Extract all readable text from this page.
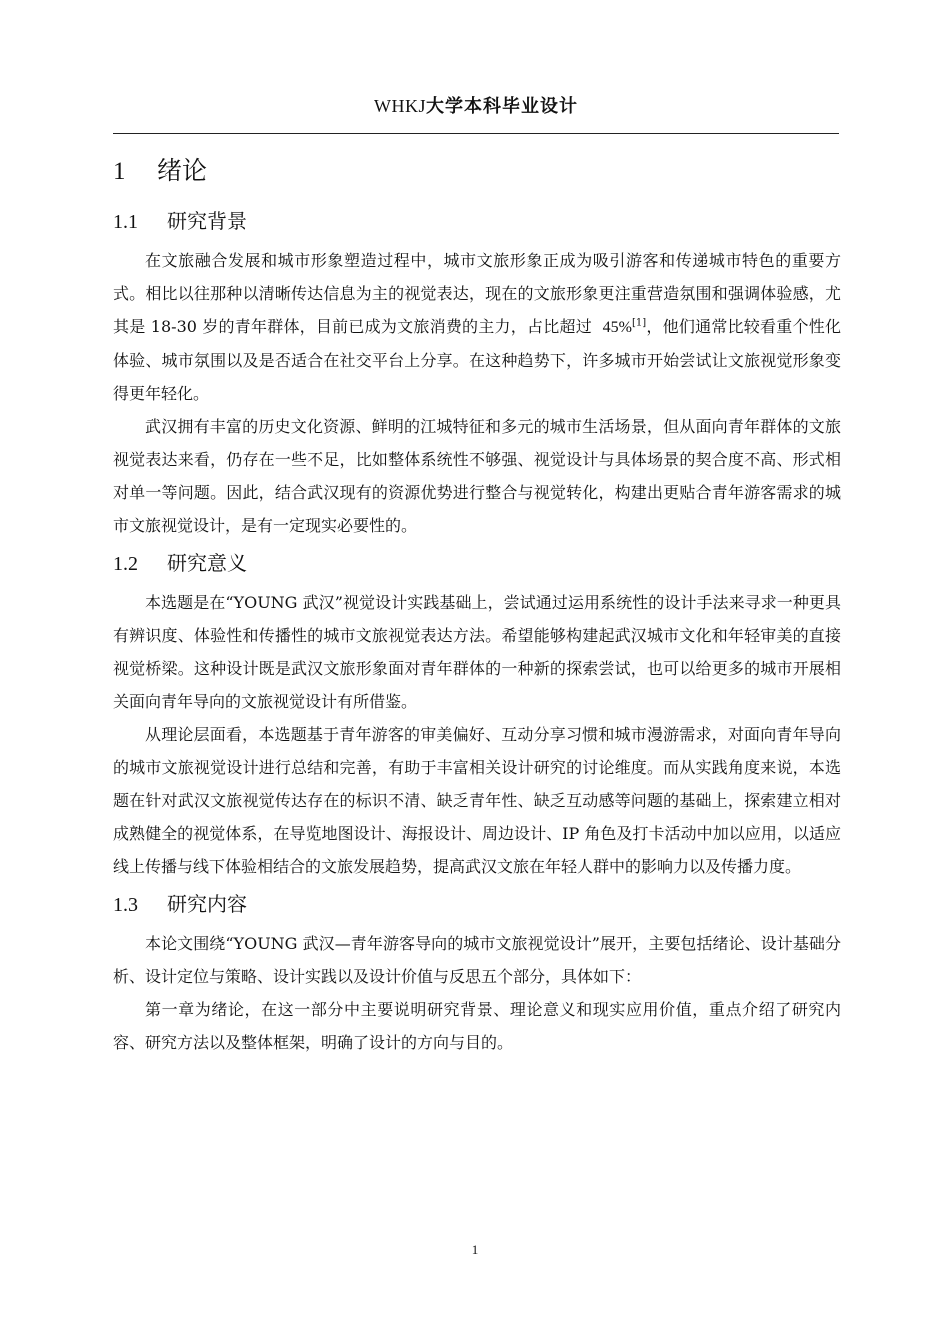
WHKJ大学本科毕业设计
1 绪论
1.1 研究背景

在文旅融合发展和城市形象塑造过程中，城市文旅形象正成为吸引游客和传递城市特色的重要方式。相比以往那种以清晰传达信息为主的视觉表达，现在的文旅形象更注重营造氛围和强调体验感，尤其是 18-30 岁的青年群体，目前已成为文旅消费的主力，占比超过 45%[1]，他们通常比较看重个性化体验、城市氛围以及是否适合在社交平台上分享。在这种趋势下，许多城市开始尝试让文旅视觉形象变得更年轻化。

武汉拥有丰富的历史文化资源、鲜明的江城特征和多元的城市生活场景，但从面向青年群体的文旅视觉表达来看，仍存在一些不足，比如整体系统性不够强、视觉设计与具体场景的契合度不高、形式相对单一等问题。因此，结合武汉现有的资源优势进行整合与视觉转化，构建出更贴合青年游客需求的城市文旅视觉设计，是有一定现实必要性的。

1.2 研究意义

本选题是在“YOUNG 武汉”视觉设计实践基础上，尝试通过运用系统性的设计手法来寻求一种更具有辨识度、体验性和传播性的城市文旅视觉表达方法。希望能够构建起武汉城市文化和年轻审美的直接视觉桥梁。这种设计既是武汉文旅形象面对青年群体的一种新的探索尝试，也可以给更多的城市开展相关面向青年导向的文旅视觉设计有所借鉴。

从理论层面看，本选题基于青年游客的审美偏好、互动分享习惯和城市漫游需求，对面向青年导向的城市文旅视觉设计进行总结和完善，有助于丰富相关设计研究的讨论维度。而从实践角度来说，本选题在针对武汉文旅视觉传达存在的标识不清、缺乏青年性、缺乏互动感等问题的基础上，探索建立相对成熟健全的视觉体系，在导览地图设计、海报设计、周边设计、IP 角色及打卡活动中加以应用，以适应线上传播与线下体验相结合的文旅发展趋势，提高武汉文旅在年轻人群中的影响力以及传播力度。

1.3 研究内容

本论文围绕“YOUNG 武汉—青年游客导向的城市文旅视觉设计”展开，主要包括绪论、设计基础分析、设计定位与策略、设计实践以及设计价值与反思五个部分，具体如下：

第一章为绪论，在这一部分中主要说明研究背景、理论意义和现实应用价值，重点介绍了研究内容、研究方法以及整体框架，明确了设计的方向与目的。

1
